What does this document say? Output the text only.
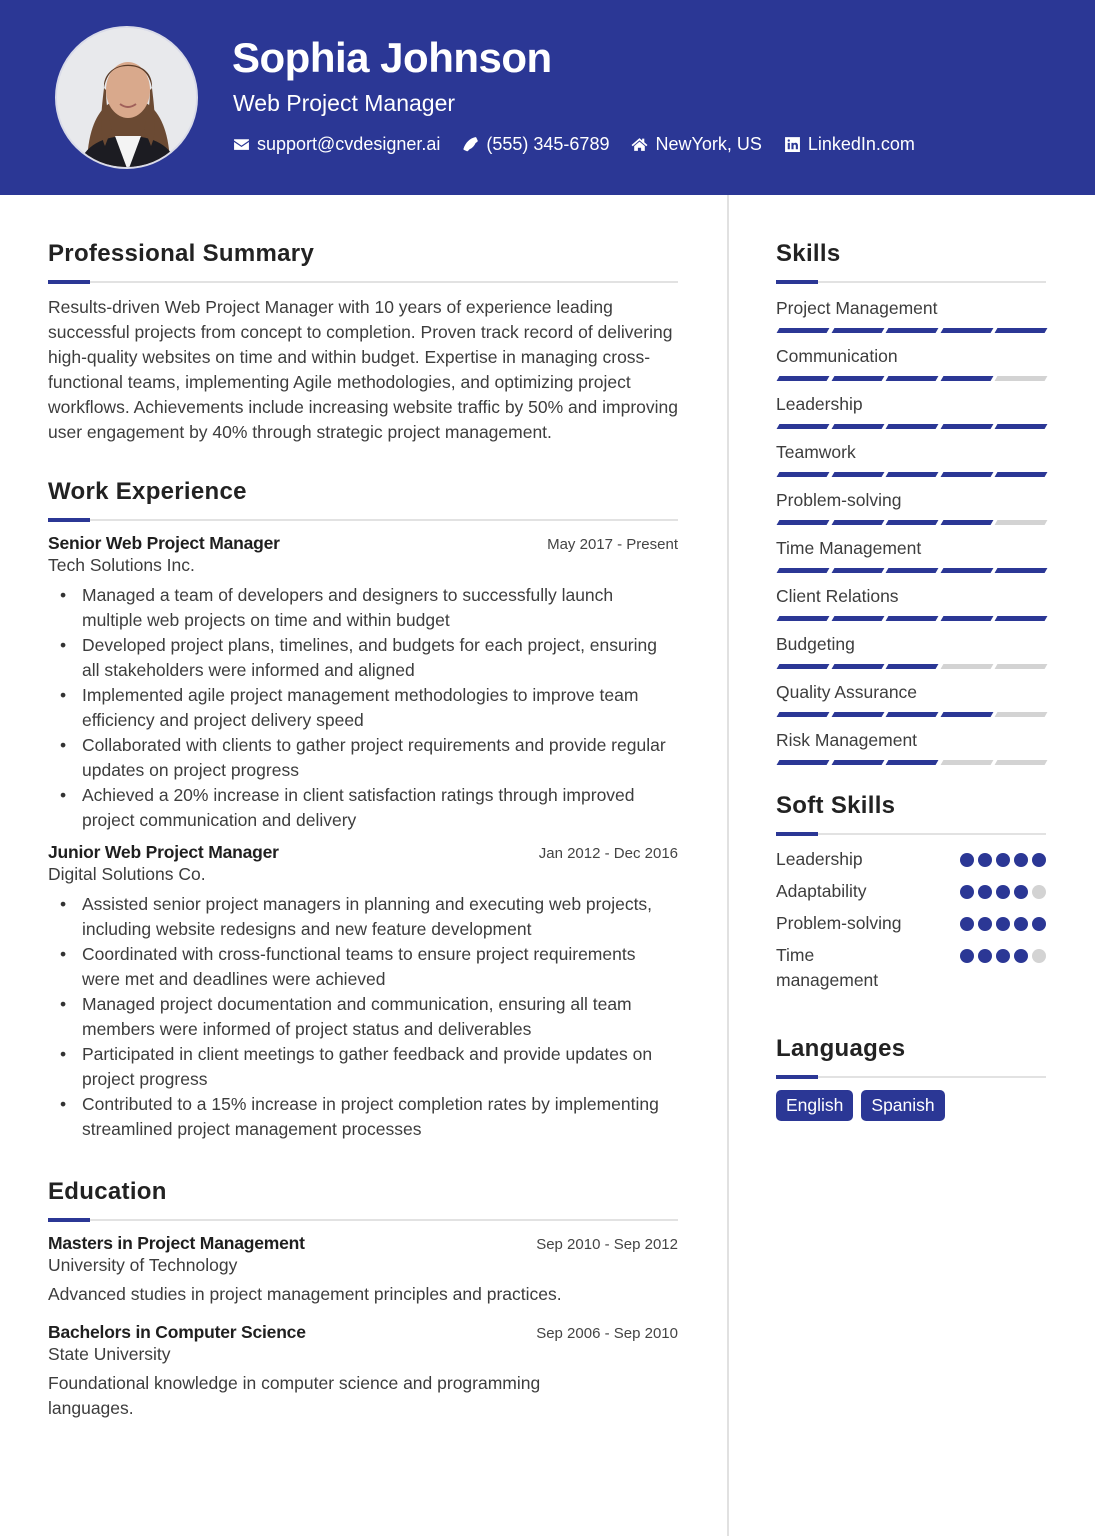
Sophia Johnson
Web Project Manager
support@cvdesigner.ai	(555) 345-6789	NewYork, US	LinkedIn.com
Professional Summary

Results-driven Web Project Manager with 10 years of experience leading successful projects from concept to completion. Proven track record of delivering high-quality websites on time and within budget. Expertise in managing cross-functional teams, implementing Agile methodologies, and optimizing project workflows. Achievements include increasing website traffic by 50% and improving user engagement by 40% through strategic project management.

Work Experience
Senior Web Project Manager	May 2017 - Present
Tech Solutions Inc.
• Managed a team of developers and designers to successfully launch multiple web projects on time and within budget
• Developed project plans, timelines, and budgets for each project, ensuring all stakeholders were informed and aligned
• Implemented agile project management methodologies to improve team efficiency and project delivery speed
• Collaborated with clients to gather project requirements and provide regular updates on project progress
• Achieved a 20% increase in client satisfaction ratings through improved project communication and delivery
Junior Web Project Manager	Jan 2012 - Dec 2016
Digital Solutions Co.
• Assisted senior project managers in planning and executing web projects, including website redesigns and new feature development
• Coordinated with cross-functional teams to ensure project requirements were met and deadlines were achieved
• Managed project documentation and communication, ensuring all team members were informed of project status and deliverables
• Participated in client meetings to gather feedback and provide updates on project progress
• Contributed to a 15% increase in project completion rates by implementing streamlined project management processes
Education
Masters in Project Management	Sep 2010 - Sep 2012
University of Technology
Advanced studies in project management principles and practices.
Bachelors in Computer Science	Sep 2006 - Sep 2010
State University
Foundational knowledge in computer science and programming languages.
Skills
Project Management
Communication
Leadership
Teamwork
Problem-solving
Time Management
Client Relations
Budgeting
Quality Assurance
Risk Management
Soft Skills
Leadership
Adaptability
Problem-solving
Time management
Languages
English	Spanish
